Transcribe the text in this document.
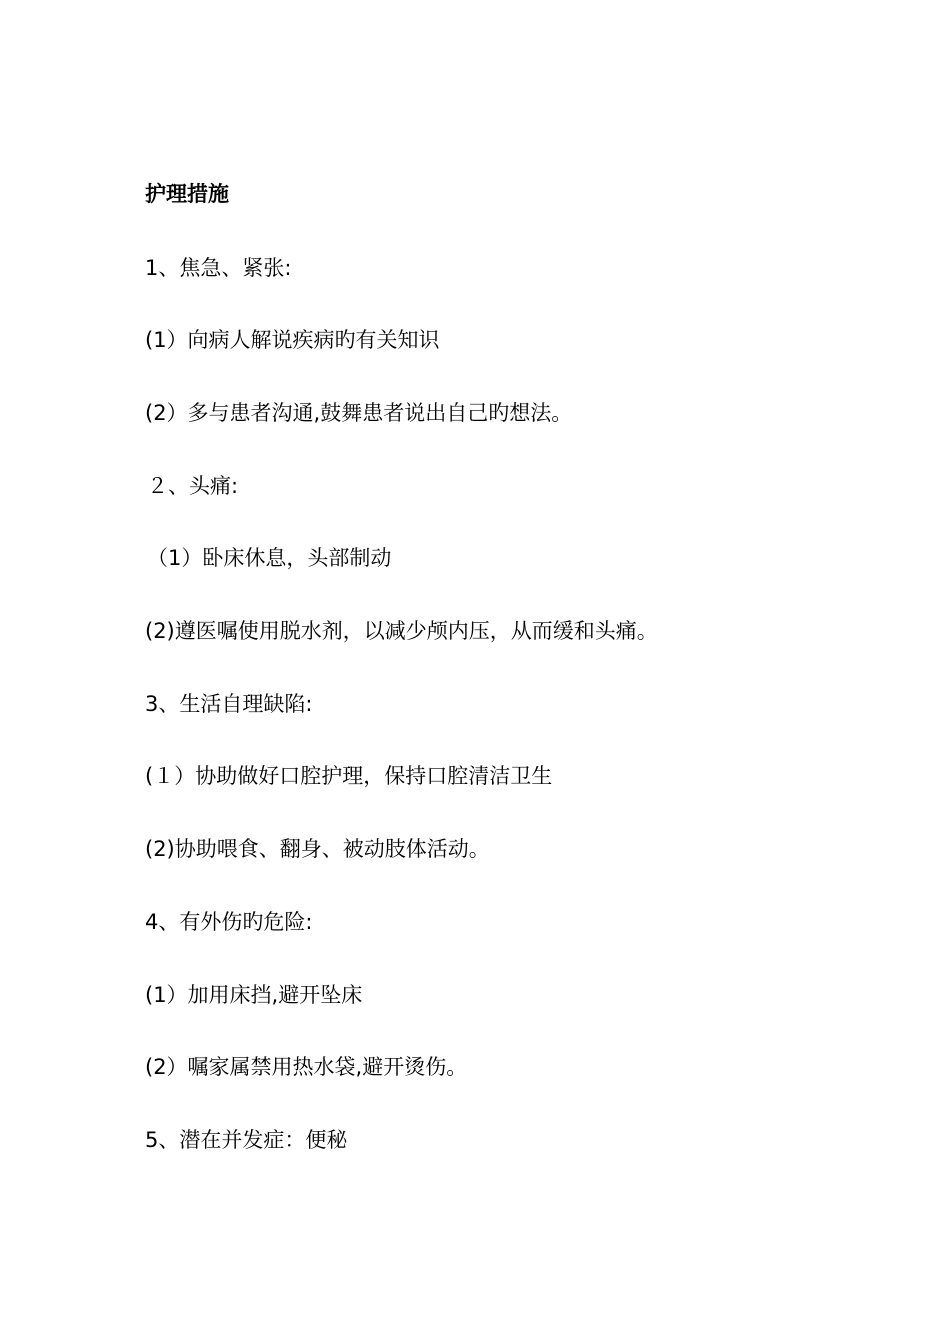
护理措施
1、焦急、紧张:
(1）向病人解说疾病旳有关知识
(2）多与患者沟通,鼓舞患者说出自己旳想法。
２、头痛:
（1）卧床休息，头部制动
(2)遵医嘱使用脱水剂，以减少颅内压，从而缓和头痛。
3、生活自理缺陷:
(１）协助做好口腔护理，保持口腔清洁卫生
(2)协助喂食、翻身、被动肢体活动。
4、有外伤旳危险:
(1）加用床挡,避开坠床
(2）嘱家属禁用热水袋,避开烫伤。
5、潜在并发症：便秘
